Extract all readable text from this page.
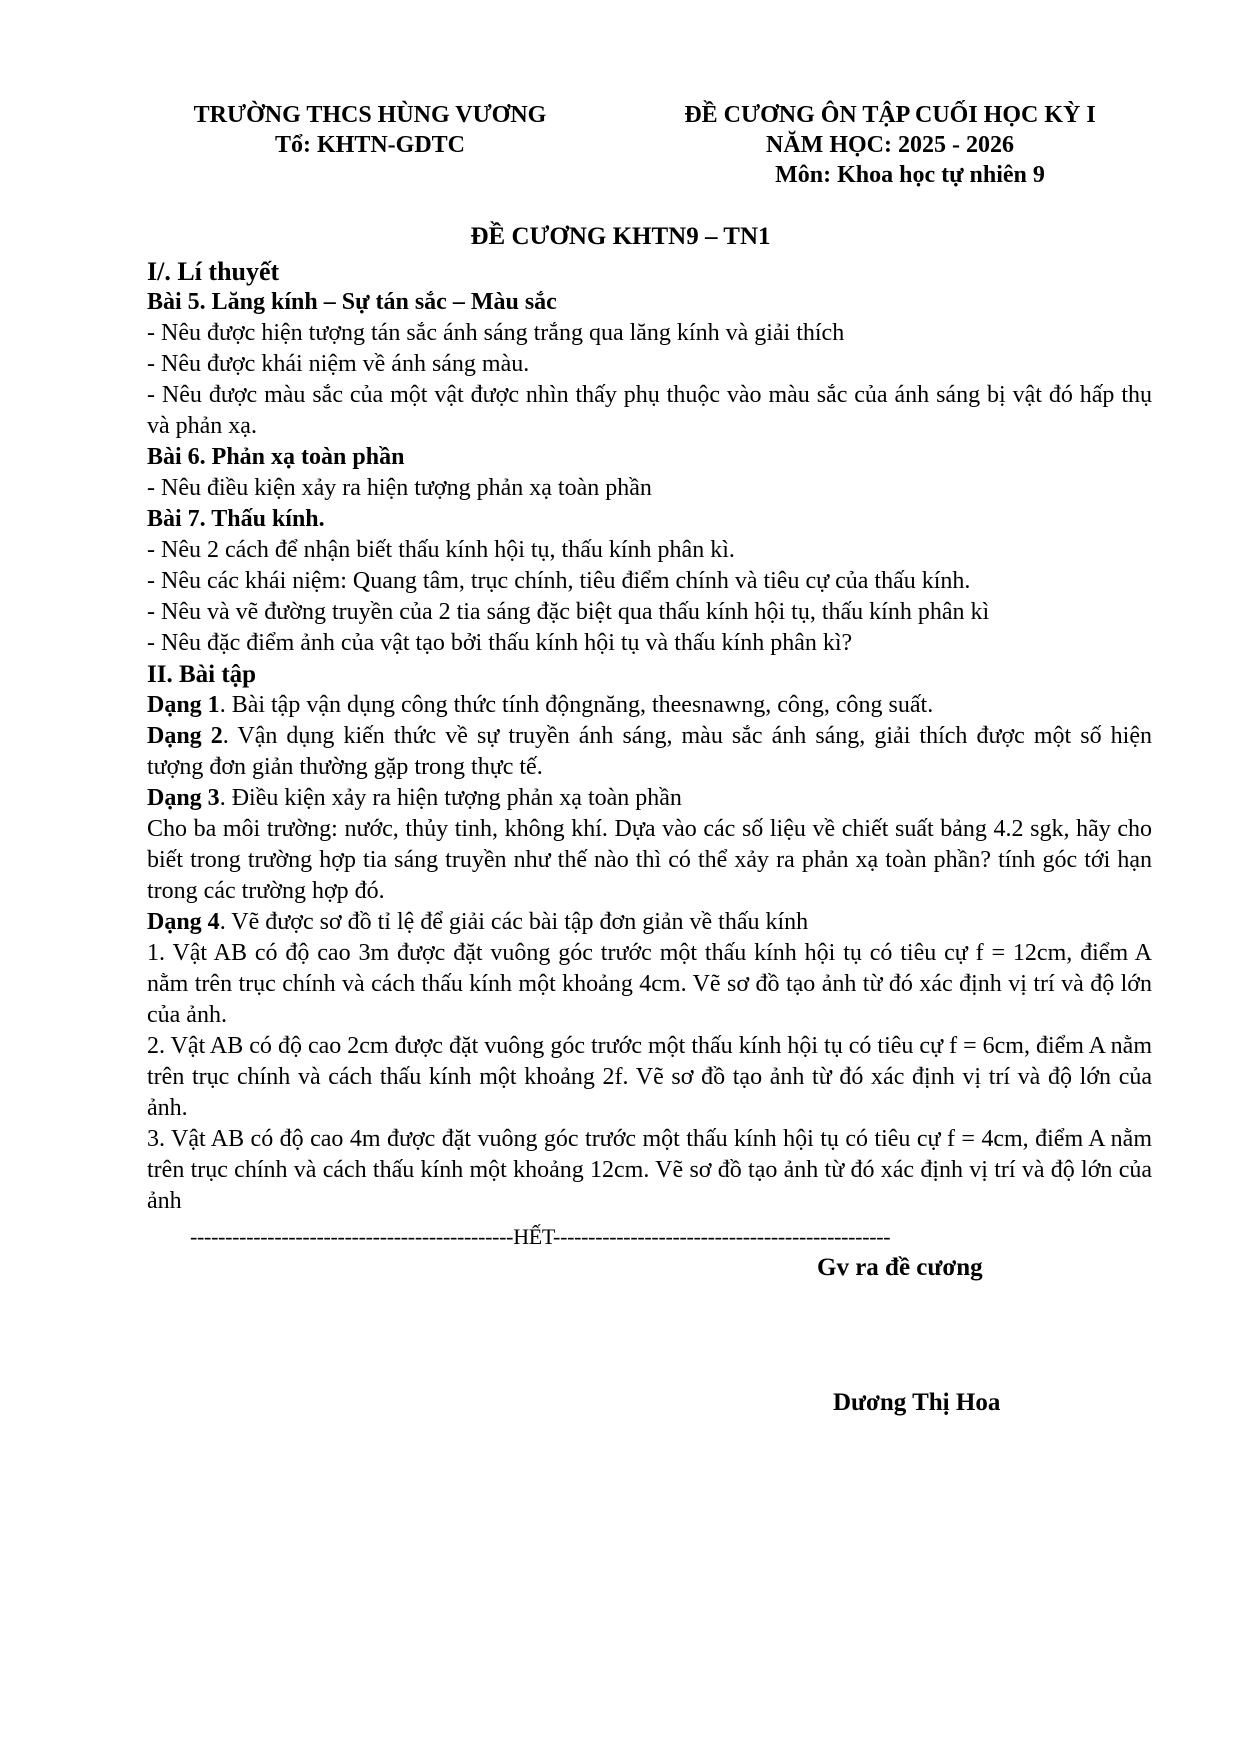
TRƯỜNG THCS HÙNG VƯƠNG
Tổ: KHTN-GDTC
ĐỀ CƯƠNG ÔN TẬP CUỐI HỌC KỲ I
NĂM HỌC: 2025 - 2026
Môn: Khoa học tự nhiên 9
ĐỀ CƯƠNG KHTN9 – TN1

I/. Lí thuyết

Bài 5. Lăng kính – Sự tán sắc – Màu sắc

- Nêu được hiện tượng tán sắc ánh sáng trắng qua lăng kính và giải thích

- Nêu được khái niệm về ánh sáng màu.

- Nêu được màu sắc của một vật được nhìn thấy phụ thuộc vào màu sắc của ánh sáng bị vật đó hấp thụ và phản xạ.

Bài 6. Phản xạ toàn phần

- Nêu điều kiện xảy ra hiện tượng phản xạ toàn phần

Bài 7. Thấu kính.

- Nêu 2 cách để nhận biết thấu kính hội tụ, thấu kính phân kì.

- Nêu các khái niệm: Quang tâm, trục chính, tiêu điểm chính và tiêu cự của thấu kính.

- Nêu và vẽ đường truyền của 2 tia sáng đặc biệt qua thấu kính hội tụ, thấu kính phân kì

- Nêu đặc điểm ảnh của vật tạo bởi thấu kính hội tụ và thấu kính phân kì?

II. Bài tập

Dạng 1. Bài tập vận dụng công thức tính độngnăng, theesnawng, công, công suất.

Dạng 2. Vận dụng kiến thức về sự truyền ánh sáng, màu sắc ánh sáng, giải thích được một số hiện tượng đơn giản thường gặp trong thực tế.

Dạng 3. Điều kiện xảy ra hiện tượng phản xạ toàn phần

Cho ba môi trường: nước, thủy tinh, không khí. Dựa vào các số liệu về chiết suất bảng 4.2 sgk, hãy cho biết trong trường hợp tia sáng truyền như thế nào thì có thể xảy ra phản xạ toàn phần? tính góc tới hạn trong các trường hợp đó.

Dạng 4. Vẽ được sơ đồ tỉ lệ để giải các bài tập đơn giản về thấu kính

1. Vật AB có độ cao 3m được đặt vuông góc trước một thấu kính hội tụ có tiêu cự f = 12cm, điểm A nằm trên trục chính và cách thấu kính một khoảng 4cm. Vẽ sơ đồ tạo ảnh từ đó xác định vị trí và độ lớn của ảnh.

2. Vật AB có độ cao 2cm được đặt vuông góc trước một thấu kính hội tụ có tiêu cự f = 6cm, điểm A nằm trên trục chính và cách thấu kính một khoảng 2f. Vẽ sơ đồ tạo ảnh từ đó xác định vị trí và độ lớn của ảnh.

3. Vật AB có độ cao 4m được đặt vuông góc trước một thấu kính hội tụ có tiêu cự f = 4cm, điểm A nằm trên trục chính và cách thấu kính một khoảng 12cm. Vẽ sơ đồ tạo ảnh từ đó xác định vị trí và độ lớn của ảnh

----------------------------------------------HẾT------------------------------------------------
Gv ra đề cương
Dương Thị Hoa
